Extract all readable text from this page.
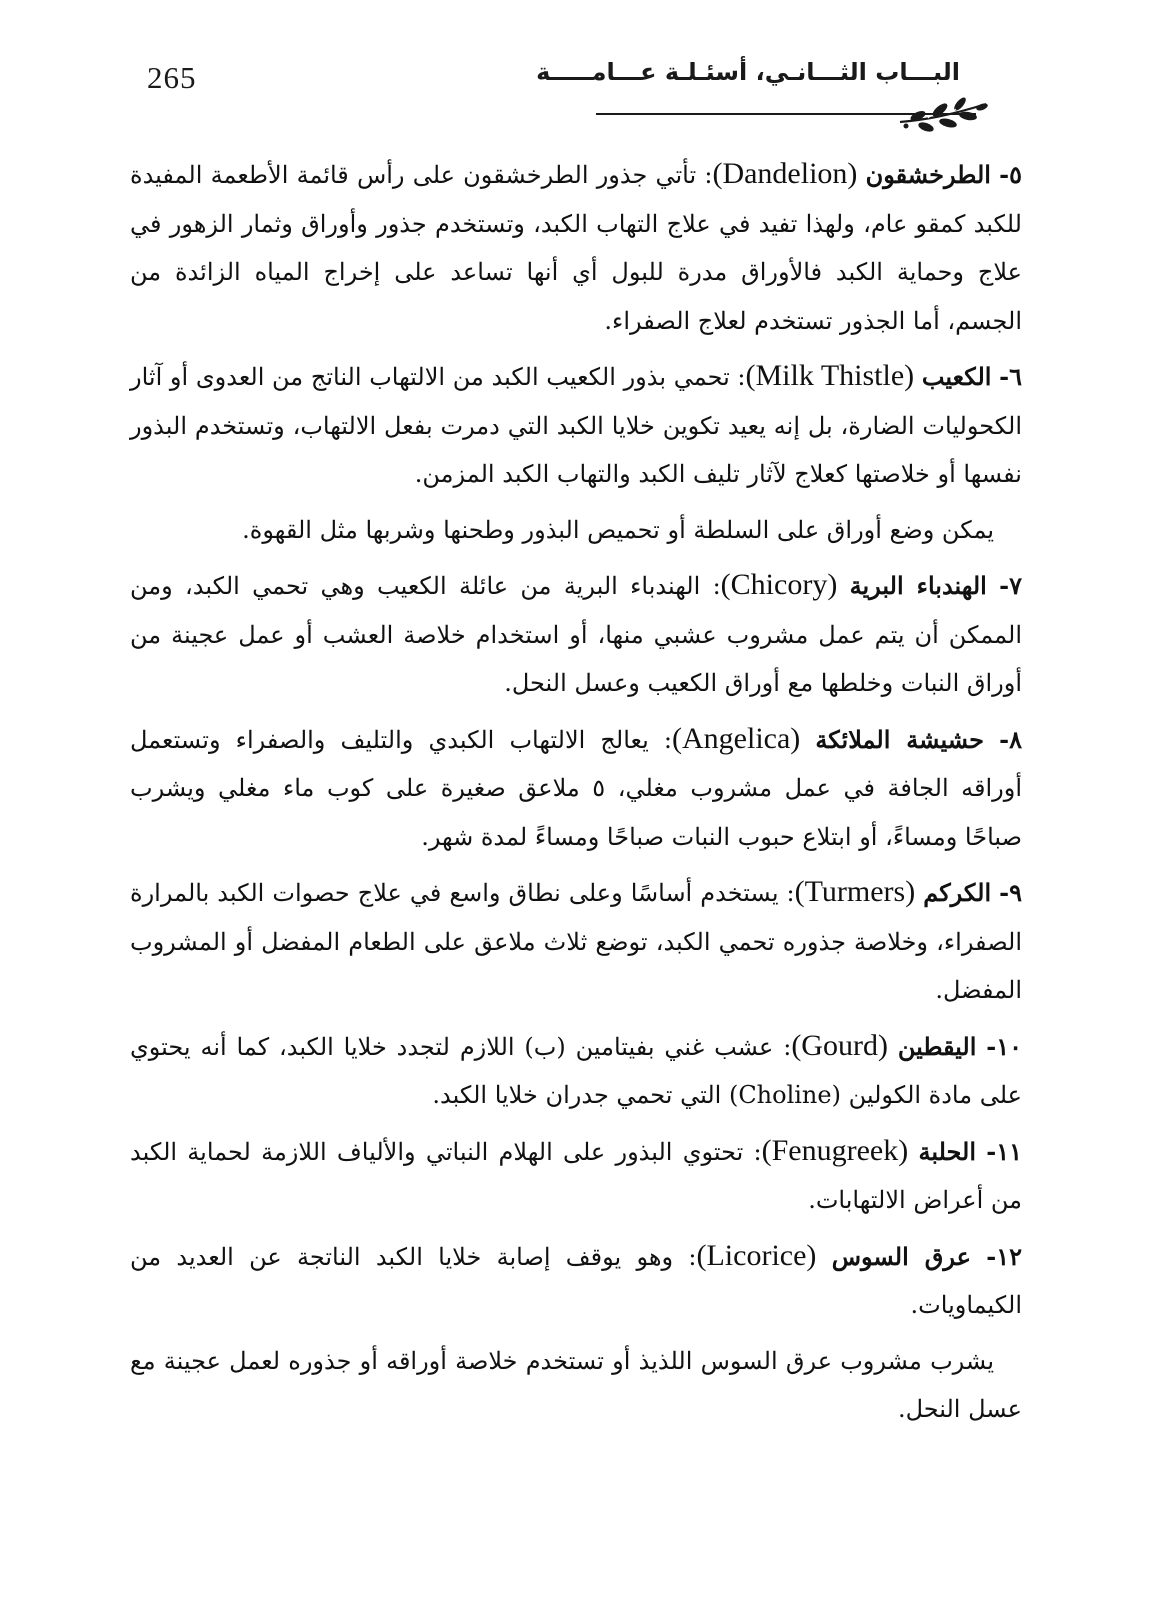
265	البـــاب الثـــانـي، أسئـلـة عـــامـــــة

٥- الطرخشقون (Dandelion): تأتي جذور الطرخشقون على رأس قائمة الأطعمة المفيدة للكبد كمقو عام، ولهذا تفيد في علاج التهاب الكبد، وتستخدم جذور وأوراق وثمار الزهور في علاج وحماية الكبد فالأوراق مدرة للبول أي أنها تساعد على إخراج المياه الزائدة من الجسم، أما الجذور تستخدم لعلاج الصفراء.

٦- الكعيب (Milk Thistle): تحمي بذور الكعيب الكبد من الالتهاب الناتج من العدوى أو آثار الكحوليات الضارة، بل إنه يعيد تكوين خلايا الكبد التي دمرت بفعل الالتهاب، وتستخدم البذور نفسها أو خلاصتها كعلاج لآثار تليف الكبد والتهاب الكبد المزمن.

يمكن وضع أوراق على السلطة أو تحميص البذور وطحنها وشربها مثل القهوة.

٧- الهندباء البرية (Chicory): الهندباء البرية من عائلة الكعيب وهي تحمي الكبد، ومن الممكن أن يتم عمل مشروب عشبي منها، أو استخدام خلاصة العشب أو عمل عجينة من أوراق النبات وخلطها مع أوراق الكعيب وعسل النحل.

٨- حشيشة الملائكة (Angelica): يعالج الالتهاب الكبدي والتليف والصفراء وتستعمل أوراقه الجافة في عمل مشروب مغلي، ٥ ملاعق صغيرة على كوب ماء مغلي ويشرب صباحًا ومساءً، أو ابتلاع حبوب النبات صباحًا ومساءً لمدة شهر.

٩- الكركم (Turmers): يستخدم أساسًا وعلى نطاق واسع في علاج حصوات الكبد بالمرارة الصفراء، وخلاصة جذوره تحمي الكبد، توضع ثلاث ملاعق على الطعام المفضل أو المشروب المفضل.

١٠- اليقطين (Gourd): عشب غني بفيتامين (ب) اللازم لتجدد خلايا الكبد، كما أنه يحتوي على مادة الكولين (Choline) التي تحمي جدران خلايا الكبد.

١١- الحلبة (Fenugreek): تحتوي البذور على الهلام النباتي والألياف اللازمة لحماية الكبد من أعراض الالتهابات.

١٢- عرق السوس (Licorice): وهو يوقف إصابة خلايا الكبد الناتجة عن العديد من الكيماويات.

يشرب مشروب عرق السوس اللذيذ أو تستخدم خلاصة أوراقه أو جذوره لعمل عجينة مع عسل النحل.
